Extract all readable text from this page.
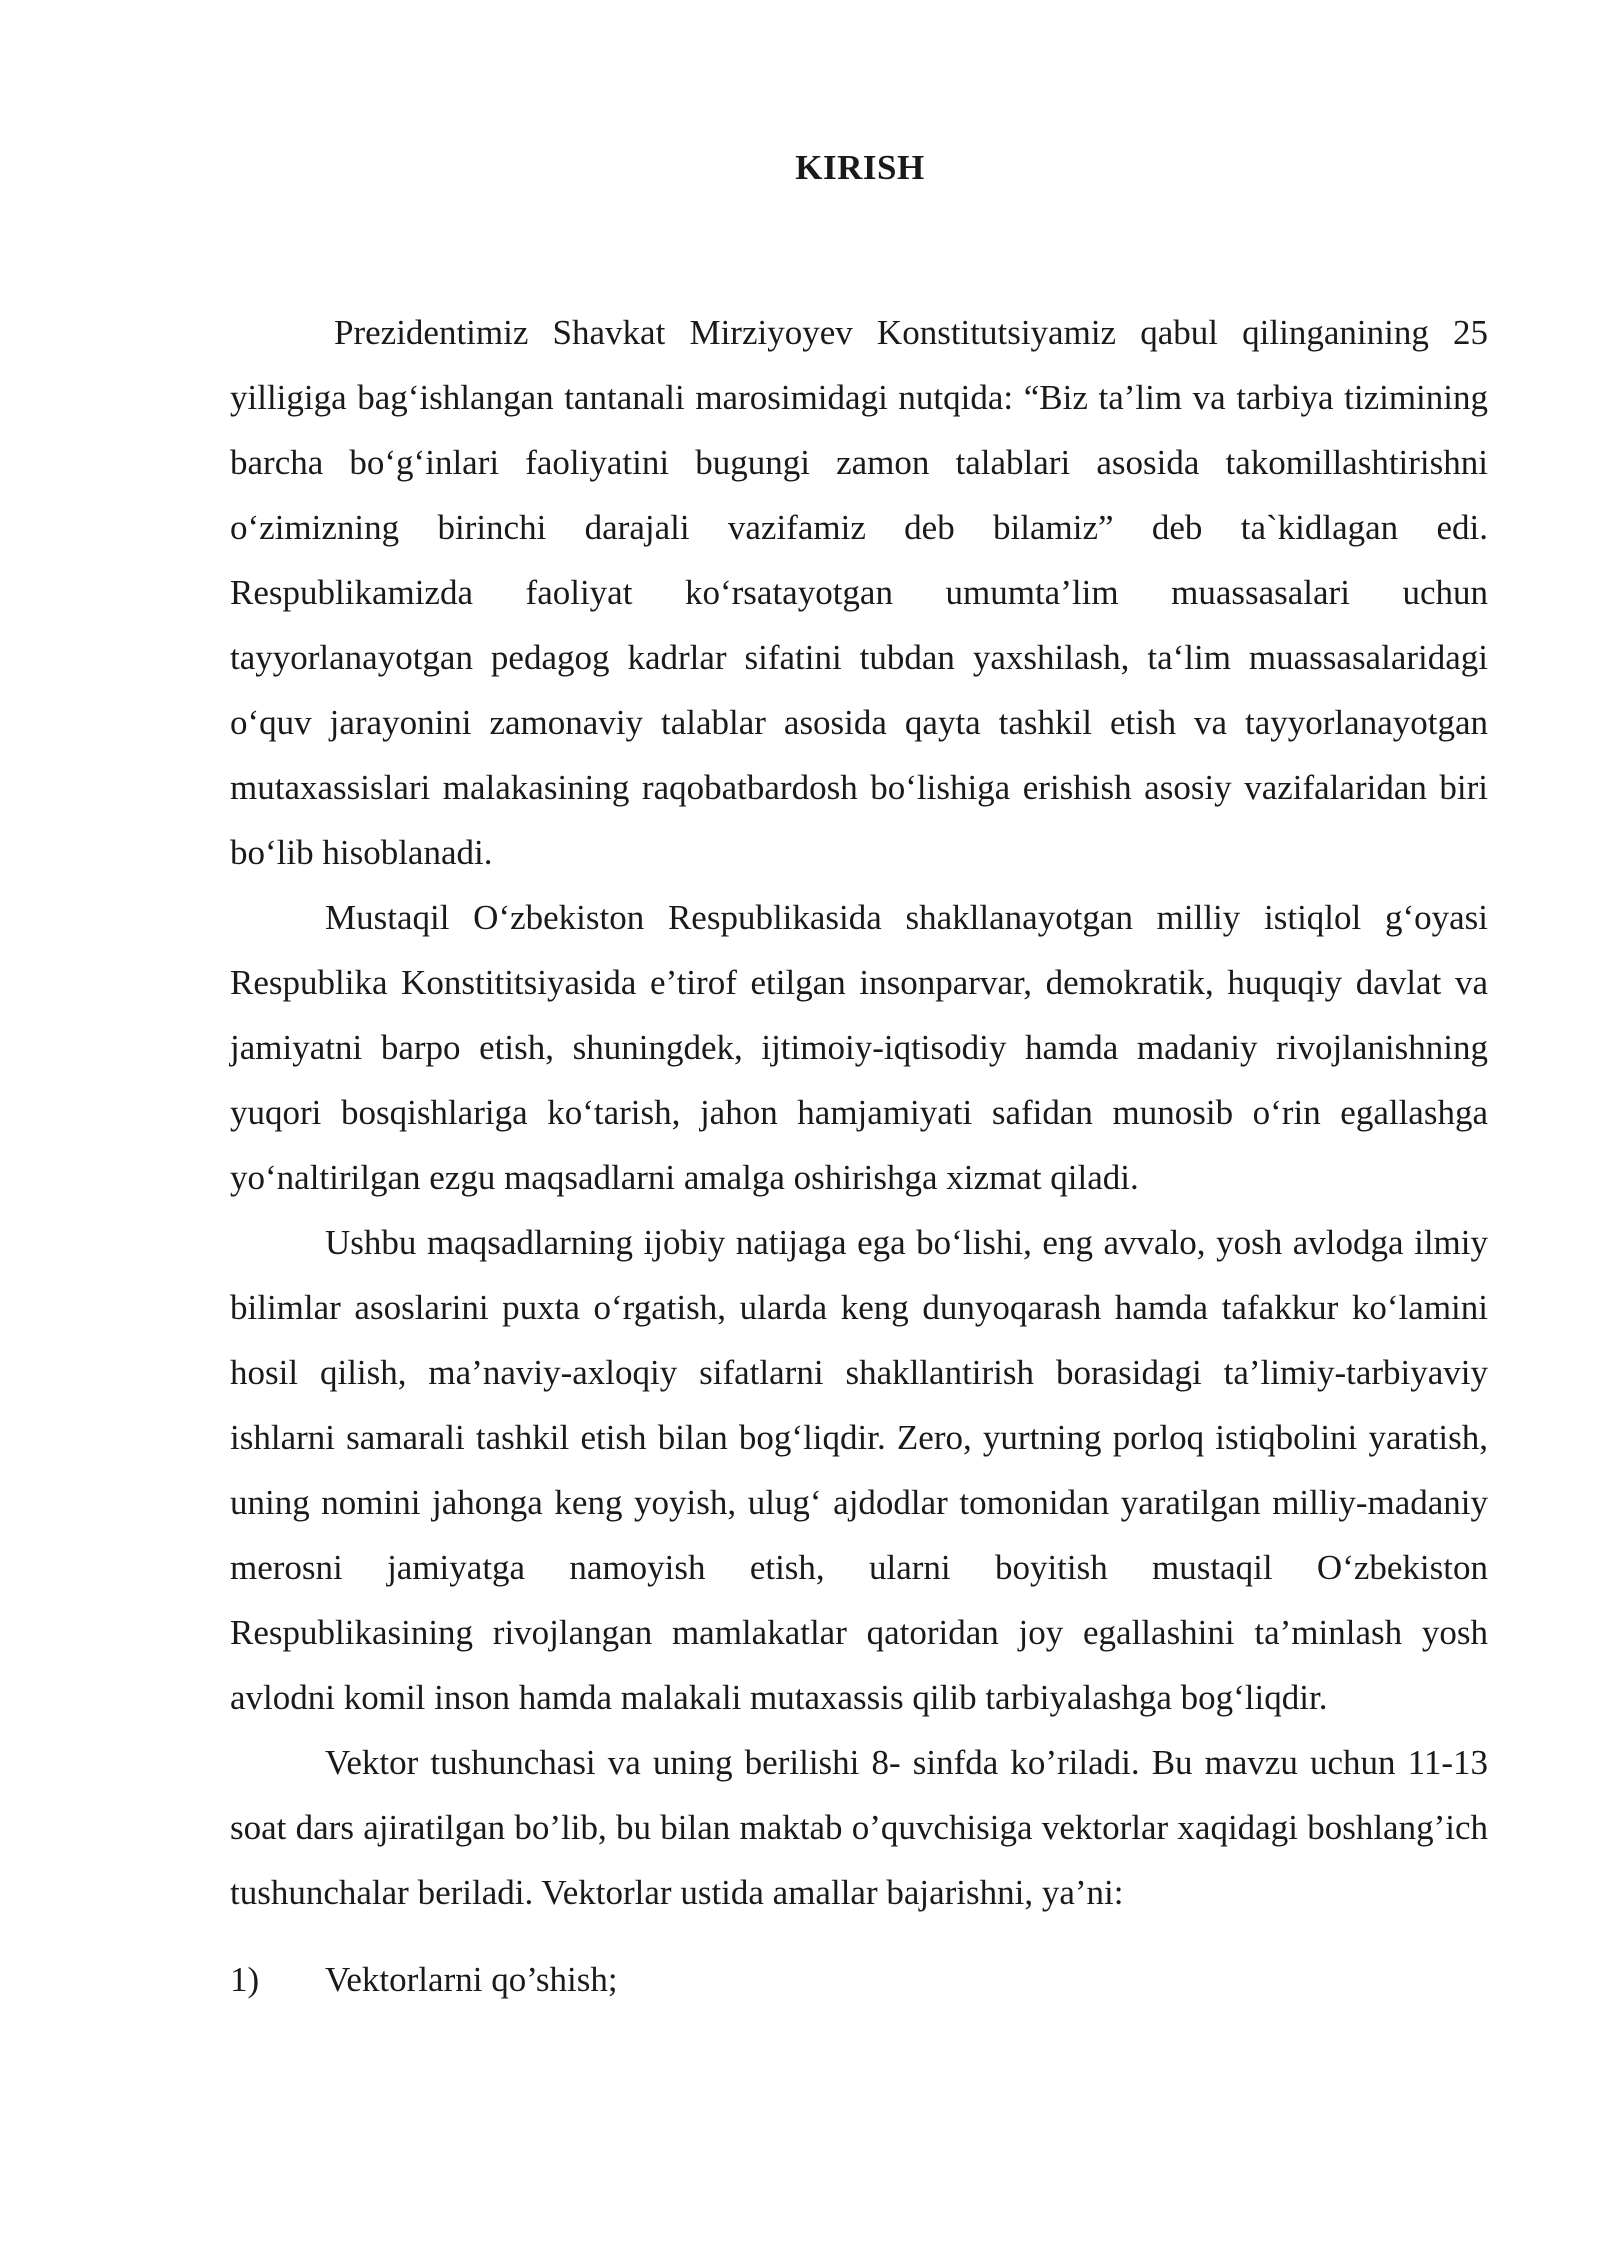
KIRISH

Prezidentimiz Shavkat Mirziyoyev Konstitutsiyamiz qabul qilinganining 25 yilligiga bag‘ishlangan tantanali marosimidagi nutqida: “Biz ta’lim va tarbiya tizimining barcha bo‘g‘inlari faoliyatini bugungi zamon talablari asosida takomillashtirishni o‘zimizning birinchi darajali vazifamiz deb bilamiz” deb ta`kidlagan edi. Respublikamizda faoliyat ko‘rsatayotgan umumta’lim muassasalari uchun tayyorlanayotgan pedagog kadrlar sifatini tubdan yaxshilash, ta‘lim muassasalaridagi o‘quv jarayonini zamonaviy talablar asosida qayta tashkil etish va tayyorlanayotgan mutaxassislari malakasining raqobatbardosh bo‘lishiga erishish asosiy vazifalaridan biri bo‘lib hisoblanadi.

Mustaqil O‘zbekiston Respublikasida shakllanayotgan milliy istiqlol g‘oyasi Respublika Konstititsiyasida e’tirof etilgan insonparvar, demokratik, huquqiy davlat va jamiyatni barpo etish, shuningdek, ijtimoiy-iqtisodiy hamda madaniy rivojlanishning yuqori bosqishlariga ko‘tarish, jahon hamjamiyati safidan munosib o‘rin egallashga yo‘naltirilgan ezgu maqsadlarni amalga oshirishga xizmat qiladi.

Ushbu maqsadlarning ijobiy natijaga ega bo‘lishi, eng avvalo, yosh avlodga ilmiy bilimlar asoslarini puxta o‘rgatish, ularda keng dunyoqarash hamda tafakkur ko‘lamini hosil qilish, ma’naviy-axloqiy sifatlarni shakllantirish borasidagi ta’limiy-tarbiyaviy ishlarni samarali tashkil etish bilan bog‘liqdir. Zero, yurtning porloq istiqbolini yaratish, uning nomini jahonga keng yoyish, ulug‘ ajdodlar tomonidan yaratilgan milliy-madaniy merosni jamiyatga namoyish etish, ularni boyitish mustaqil O‘zbekiston Respublikasining rivojlangan mamlakatlar qatoridan joy egallashini ta’minlash yosh avlodni komil inson hamda malakali mutaxassis qilib tarbiyalashga bog‘liqdir.

Vektor tushunchasi va uning berilishi 8- sinfda ko’riladi. Bu mavzu uchun 11-13 soat dars ajiratilgan bo’lib, bu bilan maktab o’quvchisiga vektorlar xaqidagi boshlang’ich tushunchalar beriladi. Vektorlar ustida amallar bajarishni, ya’ni:

1)	Vektorlarni qo’shish;
